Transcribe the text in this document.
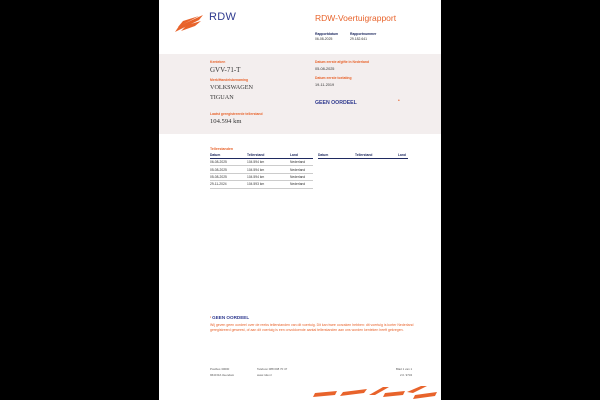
RDW	RDW-Voertuigrapport
Rapportdatum
06-08-2025
Rapportnummer
29.182.641
Kenteken
GVV-71-T
Merk/Handelsbenaming
VOLKSWAGEN
TIGUAN
Laatst geregistreerde tellerstand
104.594 km
Datum eerste afgifte in Nederland
05-08-2025
Datum eerste toelating
19-11-2019
GEEN OORDEEL	•
Tellerstanden
Datum	Tellerstand	Land
06-08-2025	104.594 km	Nederland
05-08-2025	104.594 km	Nederland
05-08-2025	104.594 km	Nederland
29-11-2024	104.593 km	Nederland
Datum	Tellerstand	Land
$^i$ GEEN OORDEEL
Wij geven geen oordeel over de reeks tellerstanden van dit voertuig. Dit kan twee oorzaken hebben: dit voertuig is korter Nederland geregistreerd geweest, of aan dit voertuig is een onvoldoende aantal tellerstanden aan ons worden kenteken heeft gekregen.
Postbus 30000
9640 RA Veendam
Telefoon 088 008 70 47
www.rdw.nl
Blad 1 van 1
2.0. 9734
